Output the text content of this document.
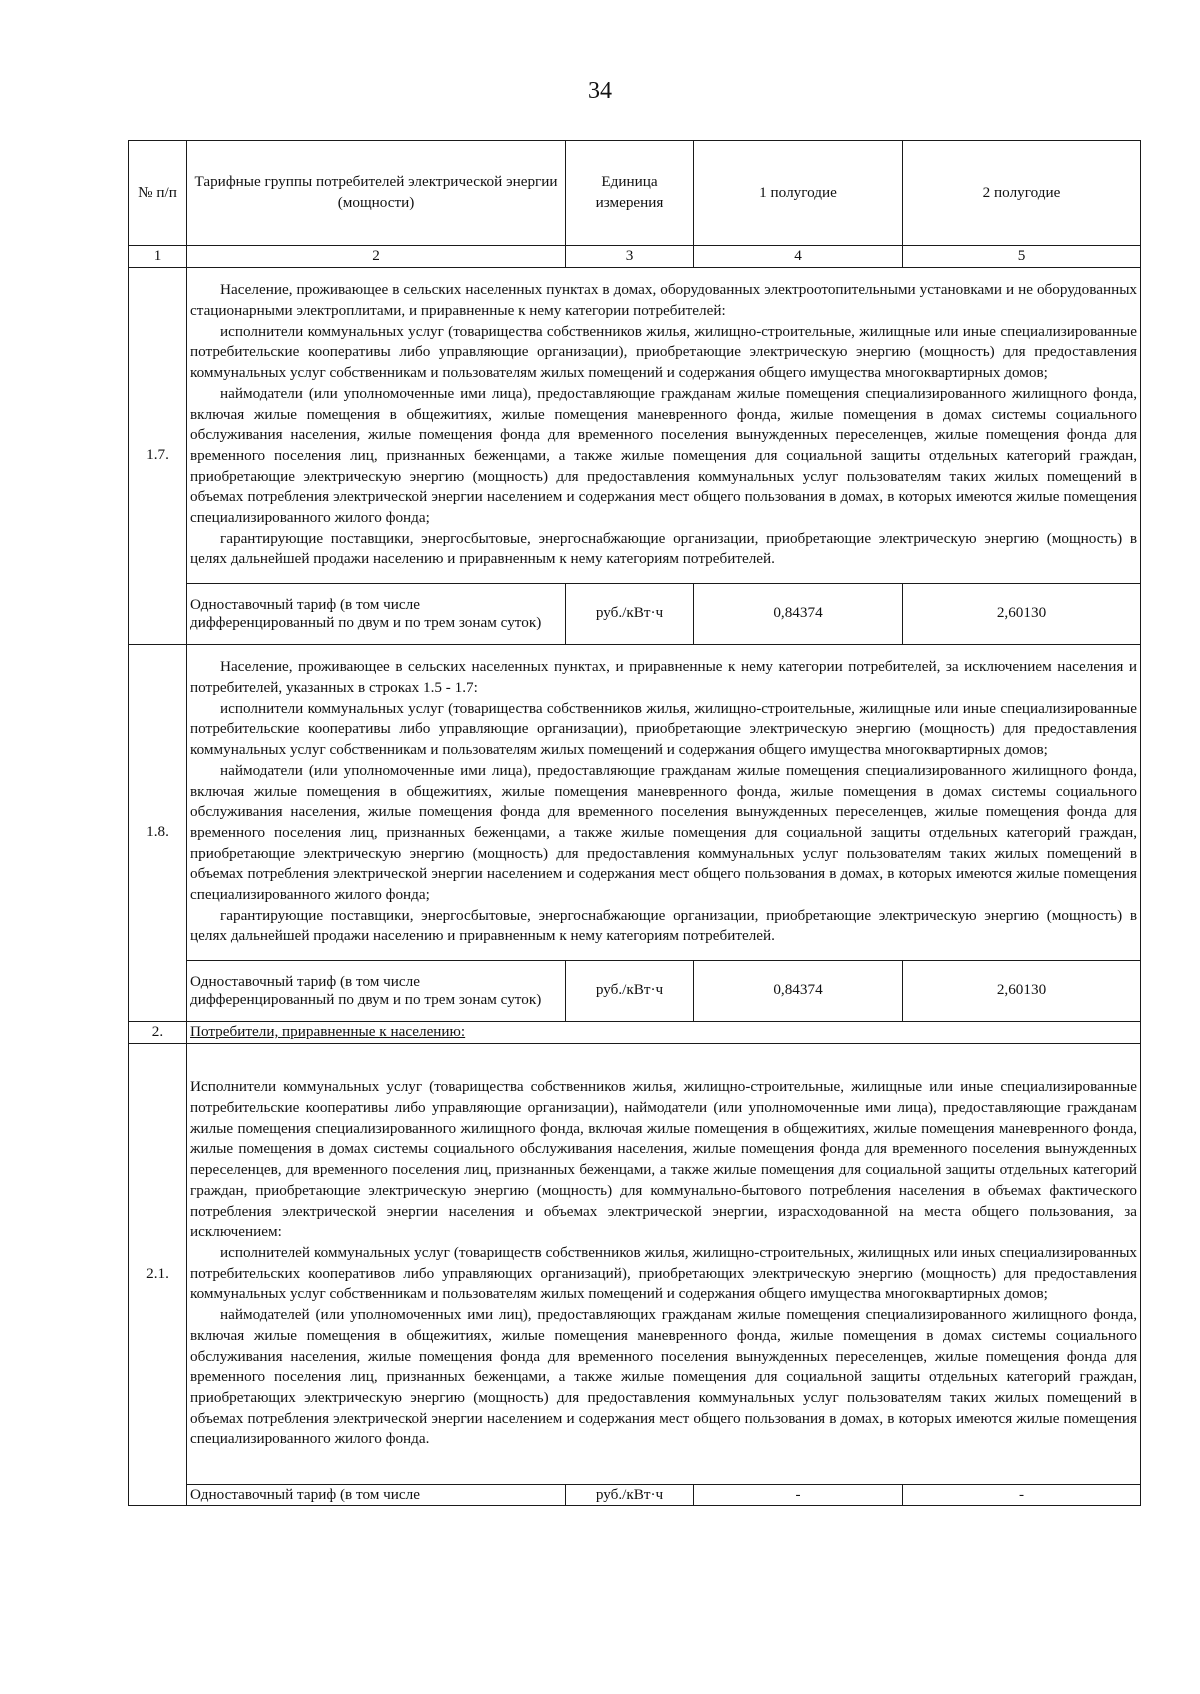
34
№ п/п	Тарифные группы потребителей электрической энергии (мощности)	Единица измерения	1 полугодие	2 полугодие
1	2	3	4	5
1.7.	Население, проживающее в сельских населенных пунктах в домах, оборудованных электроотопительными установками и не оборудованных стационарными электроплитами, и приравненные к нему категории потребителей:

исполнители коммунальных услуг (товарищества собственников жилья, жилищно-строительные, жилищные или иные специализированные потребительские кооперативы либо управляющие организации), приобретающие электрическую энергию (мощность) для предоставления коммунальных услуг собственникам и пользователям жилых помещений и содержания общего имущества многоквартирных домов;

наймодатели (или уполномоченные ими лица), предоставляющие гражданам жилые помещения специализированного жилищного фонда, включая жилые помещения в общежитиях, жилые помещения маневренного фонда, жилые помещения в домах системы социального обслуживания населения, жилые помещения фонда для временного поселения вынужденных переселенцев, жилые помещения фонда для временного поселения лиц, признанных беженцами, а также жилые помещения для социальной защиты отдельных категорий граждан, приобретающие электрическую энергию (мощность) для предоставления коммунальных услуг пользователям таких жилых помещений в объемах потребления электрической энергии населением и содержания мест общего пользования в домах, в которых имеются жилые помещения специализированного жилого фонда;

гарантирующие поставщики, энергосбытовые, энергоснабжающие организации, приобретающие электрическую энергию (мощность) в целях дальнейшей продажи населению и приравненным к нему категориям потребителей.			

	Одноставочный тариф (в том числе дифференцированный по двум и по трем зонам суток)	руб./кВт·ч	0,84374	2,60130
1.8.	Население, проживающее в сельских населенных пунктах, и приравненные к нему категории потребителей, за исключением населения и потребителей, указанных в строках 1.5 - 1.7:

исполнители коммунальных услуг (товарищества собственников жилья, жилищно-строительные, жилищные или иные специализированные потребительские кооперативы либо управляющие организации), приобретающие электрическую энергию (мощность) для предоставления коммунальных услуг собственникам и пользователям жилых помещений и содержания общего имущества многоквартирных домов;

наймодатели (или уполномоченные ими лица), предоставляющие гражданам жилые помещения специализированного жилищного фонда, включая жилые помещения в общежитиях, жилые помещения маневренного фонда, жилые помещения в домах системы социального обслуживания населения, жилые помещения фонда для временного поселения вынужденных переселенцев, жилые помещения фонда для временного поселения лиц, признанных беженцами, а также жилые помещения для социальной защиты отдельных категорий граждан, приобретающие электрическую энергию (мощность) для предоставления коммунальных услуг пользователям таких жилых помещений в объемах потребления электрической энергии населением и содержания мест общего пользования в домах, в которых имеются жилые помещения специализированного жилого фонда;

гарантирующие поставщики, энергосбытовые, энергоснабжающие организации, приобретающие электрическую энергию (мощность) в целях дальнейшей продажи населению и приравненным к нему категориям потребителей.			

	Одноставочный тариф (в том числе дифференцированный по двум и по трем зонам суток)	руб./кВт·ч	0,84374	2,60130
2.	Потребители, приравненные к населению:			
2.1.	Исполнители коммунальных услуг (товарищества собственников жилья, жилищно-строительные, жилищные или иные специализированные потребительские кооперативы либо управляющие организации), наймодатели (или уполномоченные ими лица), предоставляющие гражданам жилые помещения специализированного жилищного фонда, включая жилые помещения в общежитиях, жилые помещения маневренного фонда, жилые помещения в домах системы социального обслуживания населения, жилые помещения фонда для временного поселения вынужденных переселенцев, для временного поселения лиц, признанных беженцами, а также жилые помещения для социальной защиты отдельных категорий граждан, приобретающие электрическую энергию (мощность) для коммунально-бытового потребления населения в объемах фактического потребления электрической энергии населения и объемах электрической энергии, израсходованной на места общего пользования, за исключением:

исполнителей коммунальных услуг (товариществ собственников жилья, жилищно-строительных, жилищных или иных специализированных потребительских кооперативов либо управляющих организаций), приобретающих электрическую энергию (мощность) для предоставления коммунальных услуг собственникам и пользователям жилых помещений и содержания общего имущества многоквартирных домов;

наймодателей (или уполномоченных ими лиц), предоставляющих гражданам жилые помещения специализированного жилищного фонда, включая жилые помещения в общежитиях, жилые помещения маневренного фонда, жилые помещения в домах системы социального обслуживания населения, жилые помещения фонда для временного поселения вынужденных переселенцев, жилые помещения фонда для временного поселения лиц, признанных беженцами, а также жилые помещения для социальной защиты отдельных категорий граждан, приобретающих электрическую энергию (мощность) для предоставления коммунальных услуг пользователям таких жилых помещений в объемах потребления электрической энергии населением и содержания мест общего пользования в домах, в которых имеются жилые помещения специализированного жилого фонда.			

	Одноставочный тариф (в том числе	руб./кВт·ч	-	-
